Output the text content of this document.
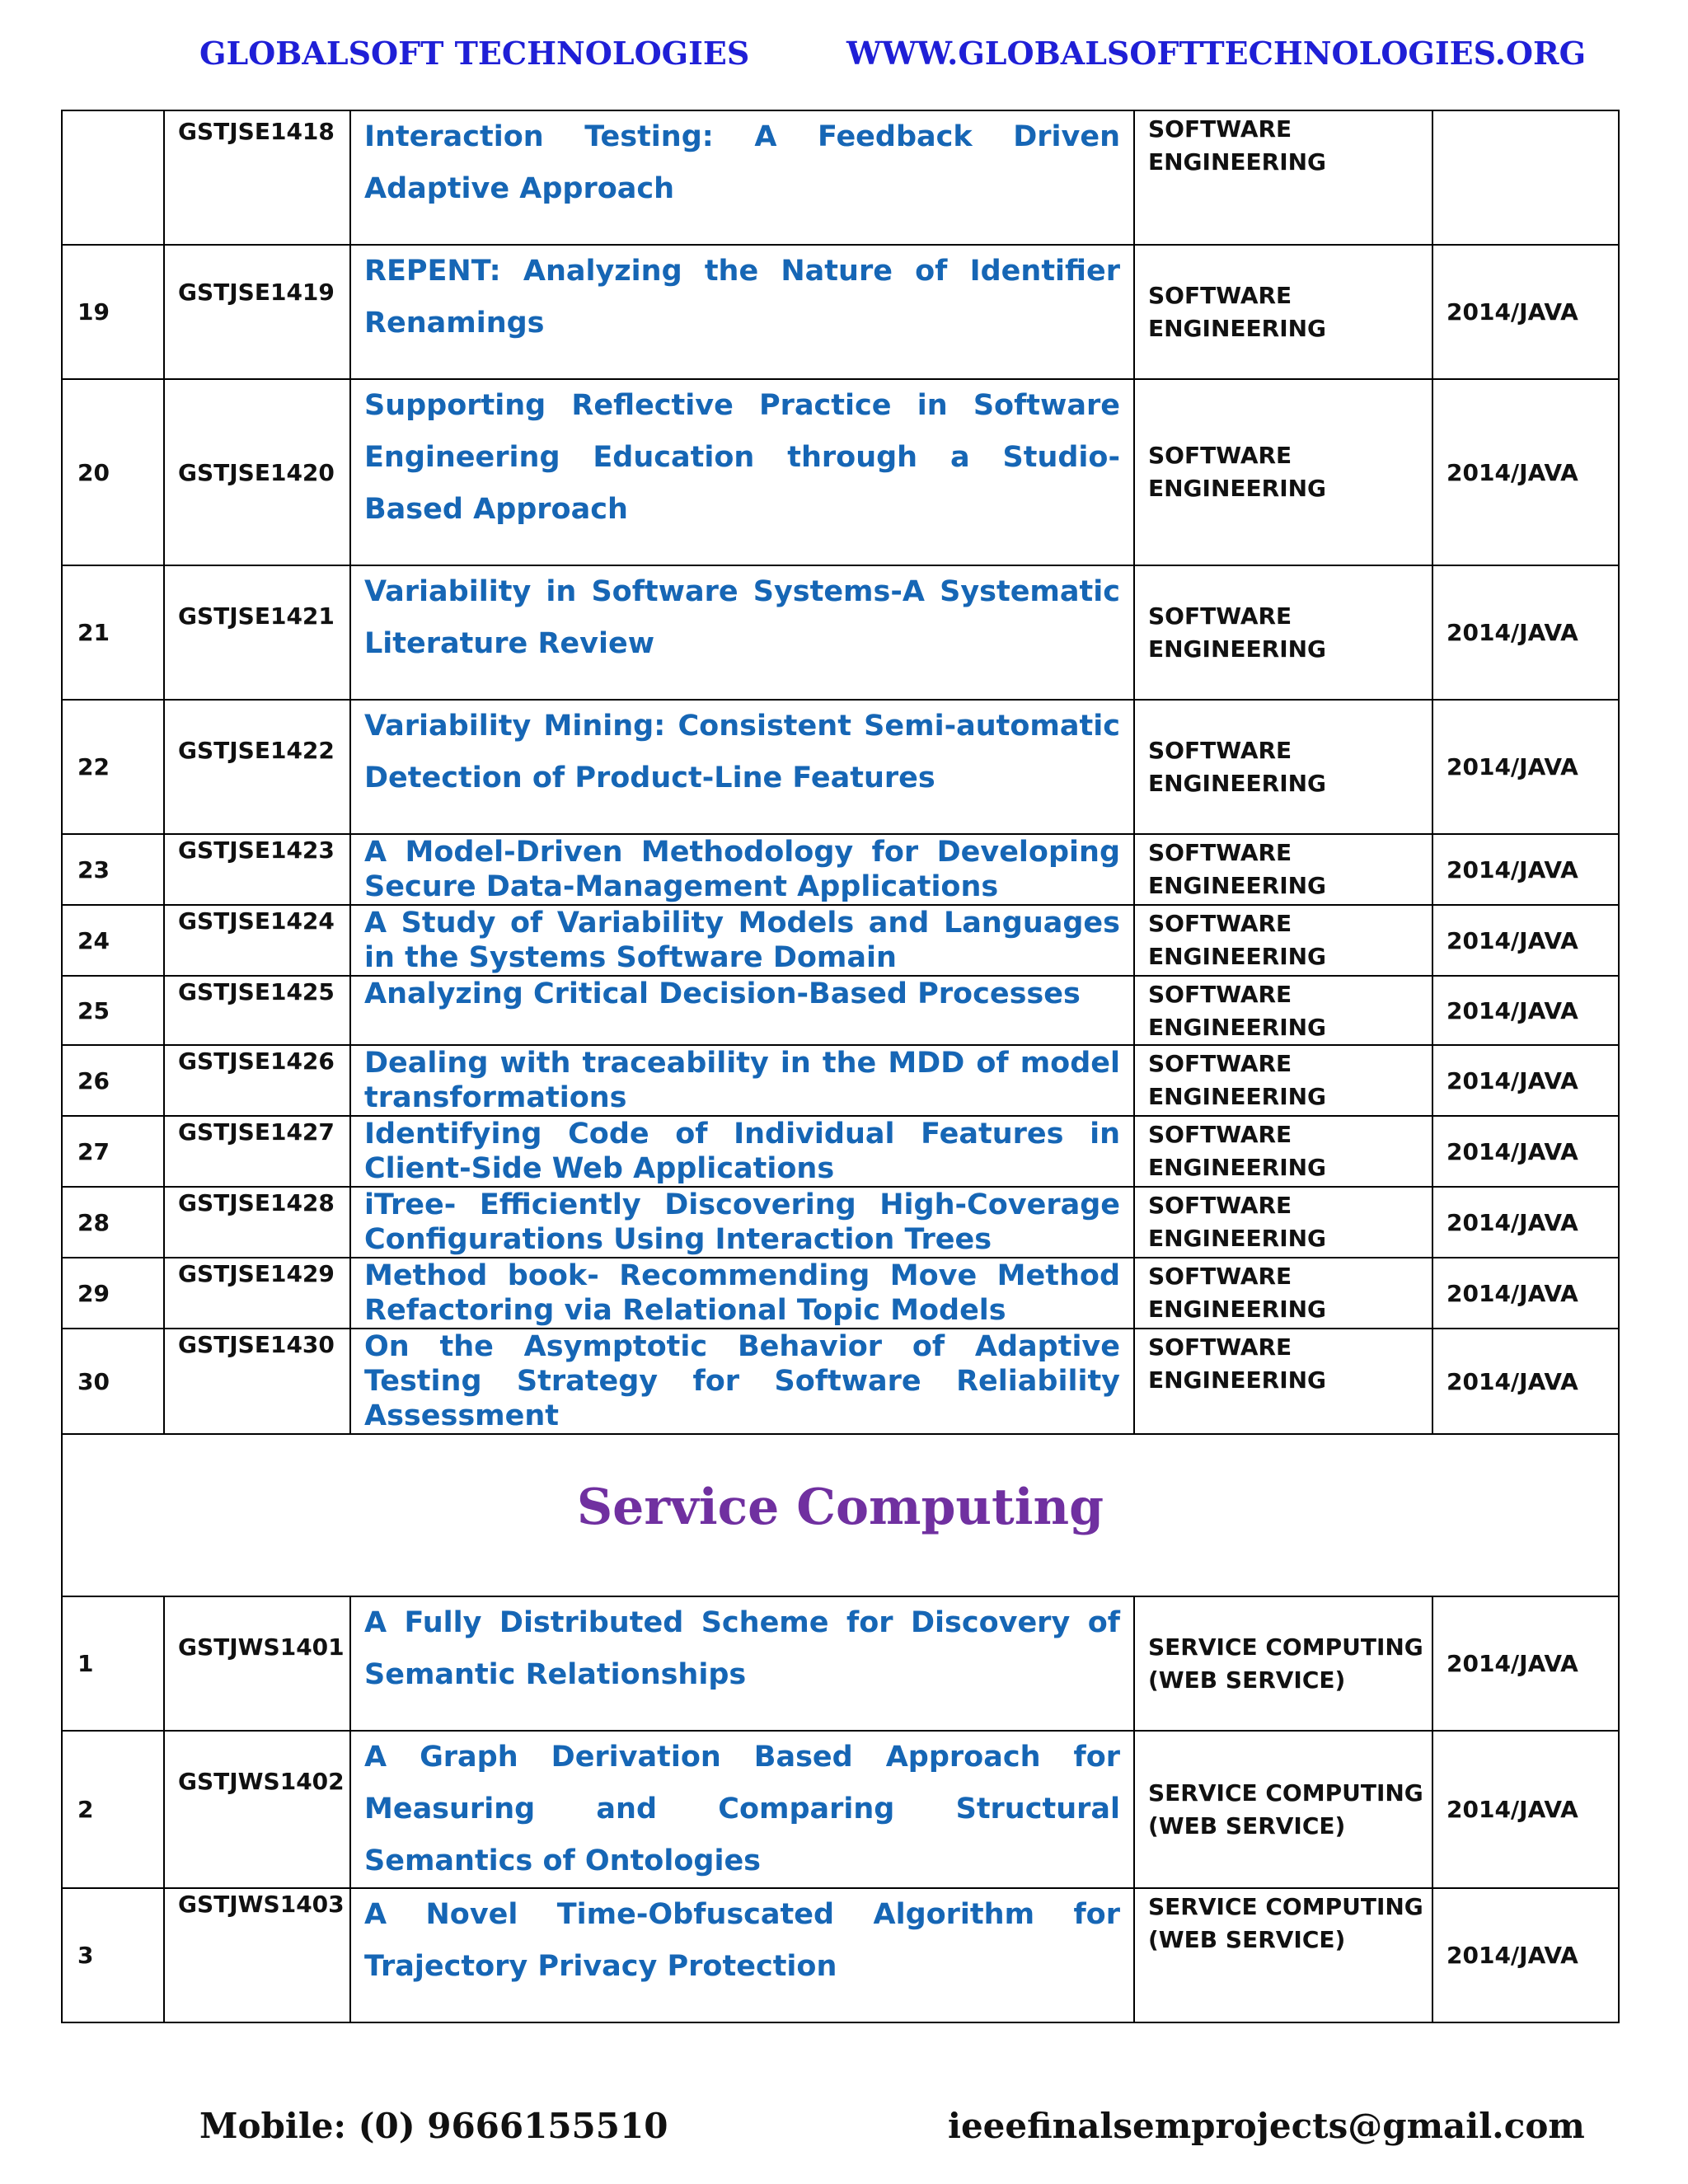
GLOBALSOFT TECHNOLOGIES	WWW.GLOBALSOFTTECHNOLOGIES.ORG
	GSTJSE1418	Interaction Testing: A Feedback Driven Adaptive Approach	SOFTWARE
ENGINEERING	
19	GSTJSE1419	REPENT: Analyzing the Nature of Identifier Renamings	SOFTWARE
ENGINEERING	2014/JAVA
20	GSTJSE1420	Supporting Reflective Practice in Software Engineering Education through a Studio-Based Approach	SOFTWARE
ENGINEERING	2014/JAVA
21	GSTJSE1421	Variability in Software Systems-A Systematic Literature Review	SOFTWARE
ENGINEERING	2014/JAVA
22	GSTJSE1422	Variability Mining: Consistent Semi-automatic Detection of Product-Line Features	SOFTWARE
ENGINEERING	2014/JAVA
23	GSTJSE1423	A Model-Driven Methodology for Developing Secure Data-Management Applications	SOFTWARE
ENGINEERING	2014/JAVA
24	GSTJSE1424	A Study of Variability Models and Languages in the Systems Software Domain	SOFTWARE
ENGINEERING	2014/JAVA
25	GSTJSE1425	Analyzing Critical Decision-Based Processes	SOFTWARE
ENGINEERING	2014/JAVA
26	GSTJSE1426	Dealing with traceability in the MDD of model transformations	SOFTWARE
ENGINEERING	2014/JAVA
27	GSTJSE1427	Identifying Code of Individual Features in Client-Side Web Applications	SOFTWARE
ENGINEERING	2014/JAVA
28	GSTJSE1428	iTree- Efficiently Discovering High-Coverage Configurations Using Interaction Trees	SOFTWARE
ENGINEERING	2014/JAVA
29	GSTJSE1429	Method book- Recommending Move Method Refactoring via Relational Topic Models	SOFTWARE
ENGINEERING	2014/JAVA
30	GSTJSE1430	On the Asymptotic Behavior of Adaptive Testing Strategy for Software Reliability Assessment	SOFTWARE
ENGINEERING	2014/JAVA
Service Computing				
1	GSTJWS1401	A Fully Distributed Scheme for Discovery of Semantic Relationships	SERVICE COMPUTING
(WEB SERVICE)	2014/JAVA
2	GSTJWS1402	A Graph Derivation Based Approach for Measuring and Comparing Structural Semantics of Ontologies	SERVICE COMPUTING
(WEB SERVICE)	2014/JAVA
3	GSTJWS1403	A Novel Time-Obfuscated Algorithm for Trajectory Privacy Protection	SERVICE COMPUTING
(WEB SERVICE)	2014/JAVA
Mobile: (0) 9666155510	ieeefinalsemprojects@gmail.com
